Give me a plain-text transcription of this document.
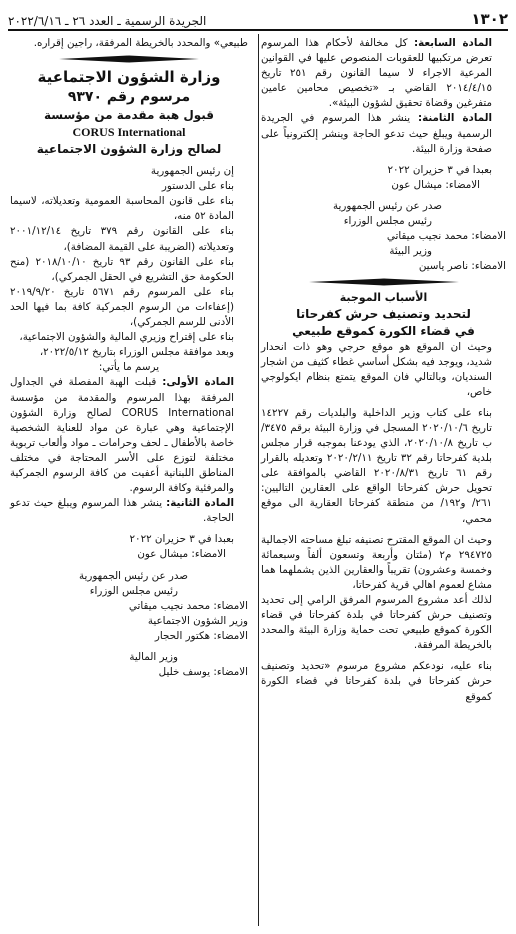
١٣٠٢
الجريدة الرسمية ـ العدد ٢٦ ـ ٢٠٢٢/٦/١٦

المادة السابعة: كل مخالفة لأحكام هذا المرسوم تعرض مرتكبيها للعقوبات المنصوص عليها في القوانين المرعية الاجراء لا سيما القانون رقم ٢٥١ تاريخ ٢٠١٤/٤/١٥ القاضي بـ «تخصيص محامين عامين متفرغين وقضاة تحقيق لشؤون البيئة».

المادة الثامنة: ينشر هذا المرسوم في الجريدة الرسمية ويبلغ حيث تدعو الحاجة وينشر إلكترونياً على صفحة وزارة البيئة.

بعبدا في ٣ حزيران ٢٠٢٢

الامضاء: ميشال عون

صدر عن رئيس الجمهورية

رئيس مجلس الوزراء

الامضاء: محمد نجيب ميقاتي

وزير البيئة

الامضاء: ناصر ياسين

الأسباب الموجبة

لتحديد وتصنيف حرش كفرحاتا

في قضاء الكورة كموقع طبيعي

وحيث ان الموقع هو موقع حرجي وهو ذات انحدار شديد، ويوجد فيه بشكل أساسي غطاء كثيف من اشجار السنديان، وبالتالي فان الموقع يتمتع بنظام ايكولوجي خاص،

بناء على كتاب وزير الداخلية والبلديات رقم ١٤٢٢٧ تاريخ ٢٠٢٠/١٠/٦ المسجل في وزارة البيئة برقم ٣٤٧٥/ب تاريخ ٢٠٢٠/١٠/٨، الذي يودعنا بموجبه قرار مجلس بلدية كفرحاتا رقم ٣٢ تاريخ ٢٠٢٠/٢/١١ وتعديله بالقرار رقم ٦١ تاريخ ٢٠٢٠/٨/٣١ القاضي بالموافقة على تحويل حرش كفرحاتا الواقع على العقارين التاليين: ٢٦١/ و١٩٢/ من منطقة كفرحاتا العقارية الى موقع محمي،

وحيث ان الموقع المقترح تصنيفه تبلغ مساحته الاجمالية ٢٩٤٧٢٥ م٢ (مئتان وأربعة وتسعون ألفاً وسبعمائة وخمسة وعشرون) تقريباً والعقارين الذين يشملهما هما مشاع لعموم اهالي قرية كفرحاتا،

لذلك أعد مشروع المرسوم المرفق الرامي إلى تحديد وتصنيف حرش كفرحاتا في بلدة كفرحاتا في قضاء الكورة كموقع طبيعي تحت حماية وزارة البيئة والمحدد بالخريطة المرفقة.

بناء عليه، نودعكم مشروع مرسوم «تحديد وتصنيف حرش كفرحاتا في بلدة كفرحاتا في قضاء الكورة كموقع

طبيعي» والمحدد بالخريطة المرفقة، راجين إقراره.

وزارة الشؤون الاجتماعية

مرسوم رقم ٩٣٧٠

قبول هبة مقدمة من مؤسسة

CORUS International

لصالح وزارة الشؤون الاجتماعية

إن رئيس الجمهورية

بناء على الدستور

بناء على قانون المحاسبة العمومية وتعديلاته، لاسيما المادة ٥٢ منه،

بناء على القانون رقم ٣٧٩ تاريخ ٢٠٠١/١٢/١٤ وتعديلاته (الضريبة على القيمة المضافة)،

بناء على القانون رقم ٩٣ تاريخ ٢٠١٨/١٠/١٠ (منح الحكومة حق التشريع في الحقل الجمركي)،

بناء على المرسوم رقم ٥٦٧١ تاريخ ٢٠١٩/٩/٢٠ (إعفاءات من الرسوم الجمركية كافة بما فيها الحد الأدنى للرسم الجمركي)،

بناء على إقتراح وزيري المالية والشؤون الاجتماعية،

وبعد موافقة مجلس الوزراء بتاريخ ٢٠٢٢/٥/١٢،

يرسم ما يأتي:

المادة الأولى: قبلت الهبة المفصلة في الجداول المرفقة بهذا المرسوم والمقدمة من مؤسسة CORUS International لصالح وزارة الشؤون الإجتماعية وهي عبارة عن مواد للعناية الشخصية خاصة بالأطفال ـ لحف وحرامات ـ مواد وألعاب تربوية مختلفة لتوزع على الأسر المحتاجة في مختلف المناطق اللبنانية أعفيت من كافة الرسوم الجمركية والمرفئية وكافة الرسوم.

المادة الثانية: ينشر هذا المرسوم ويبلغ حيث تدعو الحاجة.

بعبدا في ٣ حزيران ٢٠٢٢

الامضاء: ميشال عون

صدر عن رئيس الجمهورية

رئيس مجلس الوزراء

الامضاء: محمد نجيب ميقاتي

وزير الشؤون الاجتماعية

الامضاء: هكتور الحجار

وزير المالية

الامضاء: يوسف خليل
